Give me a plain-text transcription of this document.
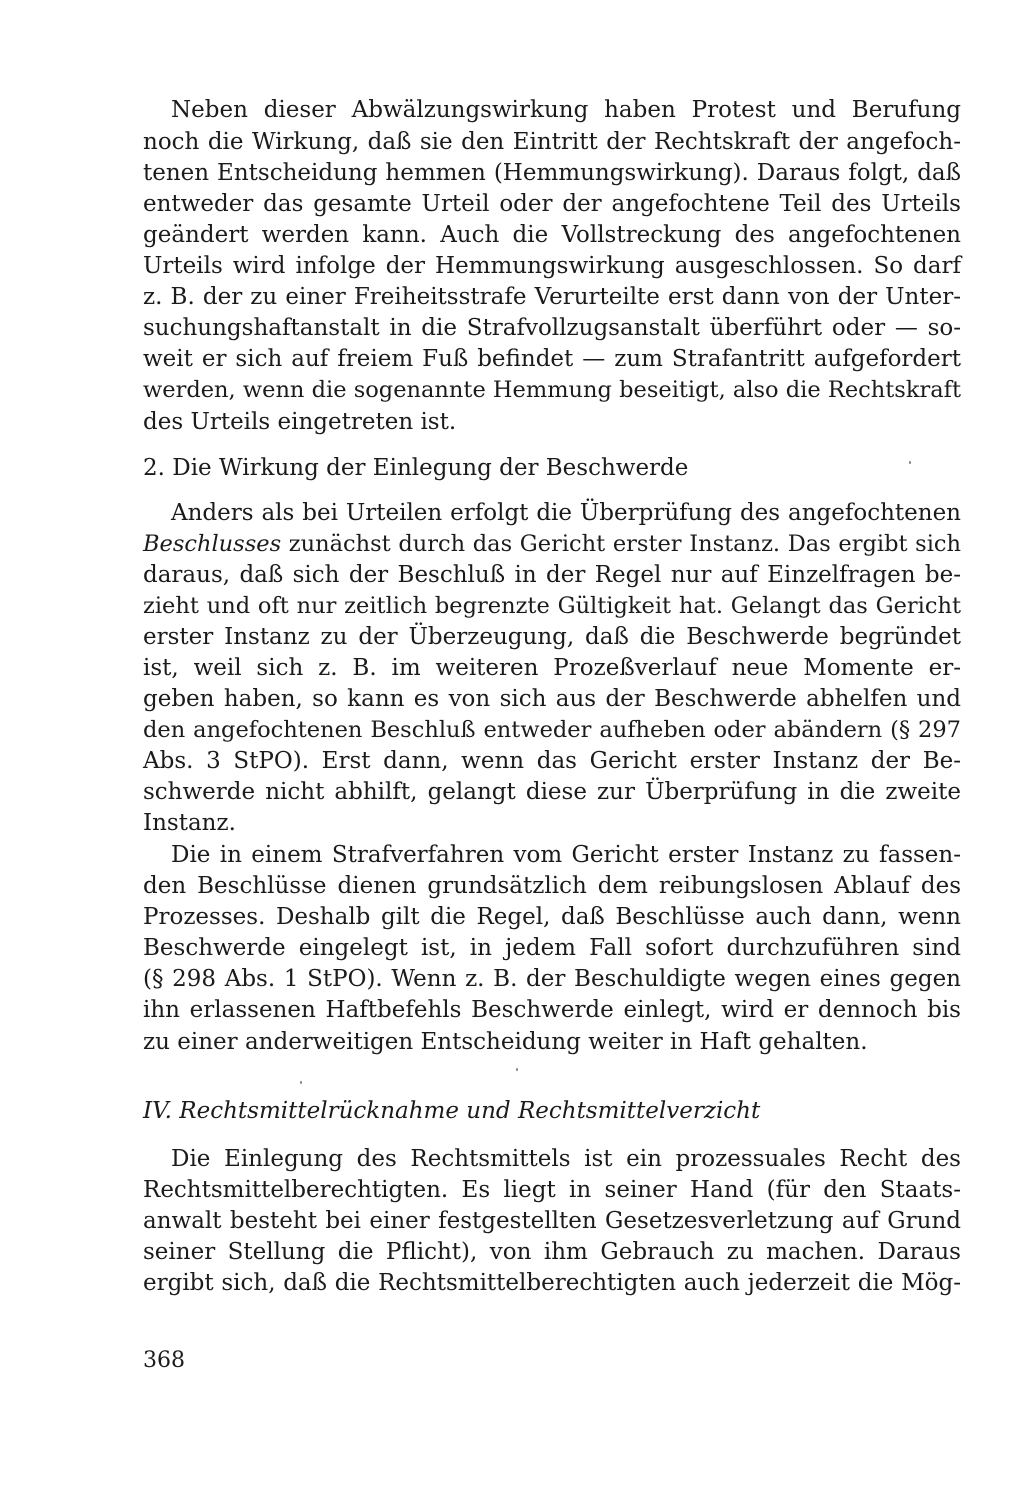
Neben dieser Abwälzungswirkung haben Protest und Berufung
noch die Wirkung, daß sie den Eintritt der Rechtskraft der angefoch-
tenen Entscheidung hemmen (Hemmungswirkung). Daraus folgt, daß
entweder das gesamte Urteil oder der angefochtene Teil des Urteils
geändert werden kann. Auch die Vollstreckung des angefochtenen
Urteils wird infolge der Hemmungswirkung ausgeschlossen. So darf
z. B. der zu einer Freiheitsstrafe Verurteilte erst dann von der Unter-
suchungshaftanstalt in die Strafvollzugsanstalt überführt oder — so-
weit er sich auf freiem Fuß befindet — zum Strafantritt aufgefordert
werden, wenn die sogenannte Hemmung beseitigt, also die Rechtskraft
des Urteils eingetreten ist.
2. Die Wirkung der Einlegung der Beschwerde
Anders als bei Urteilen erfolgt die Überprüfung des angefochtenen
Beschlusses zunächst durch das Gericht erster Instanz. Das ergibt sich
daraus, daß sich der Beschluß in der Regel nur auf Einzelfragen be-
zieht und oft nur zeitlich begrenzte Gültigkeit hat. Gelangt das Gericht
erster Instanz zu der Überzeugung, daß die Beschwerde begründet
ist, weil sich z. B. im weiteren Prozeßverlauf neue Momente er-
geben haben, so kann es von sich aus der Beschwerde abhelfen und
den angefochtenen Beschluß entweder aufheben oder abändern (§ 297
Abs. 3 StPO). Erst dann, wenn das Gericht erster Instanz der Be-
schwerde nicht abhilft, gelangt diese zur Überprüfung in die zweite
Instanz.
Die in einem Strafverfahren vom Gericht erster Instanz zu fassen-
den Beschlüsse dienen grundsätzlich dem reibungslosen Ablauf des
Prozesses. Deshalb gilt die Regel, daß Beschlüsse auch dann, wenn
Beschwerde eingelegt ist, in jedem Fall sofort durchzuführen sind
(§ 298 Abs. 1 StPO). Wenn z. B. der Beschuldigte wegen eines gegen
ihn erlassenen Haftbefehls Beschwerde einlegt, wird er dennoch bis
zu einer anderweitigen Entscheidung weiter in Haft gehalten.
IV. Rechtsmittelrücknahme und Rechtsmittelverzicht
Die Einlegung des Rechtsmittels ist ein prozessuales Recht des
Rechtsmittelberechtigten. Es liegt in seiner Hand (für den Staats-
anwalt besteht bei einer festgestellten Gesetzesverletzung auf Grund
seiner Stellung die Pflicht), von ihm Gebrauch zu machen. Daraus
ergibt sich, daß die Rechtsmittelberechtigten auch jederzeit die Mög-
368
